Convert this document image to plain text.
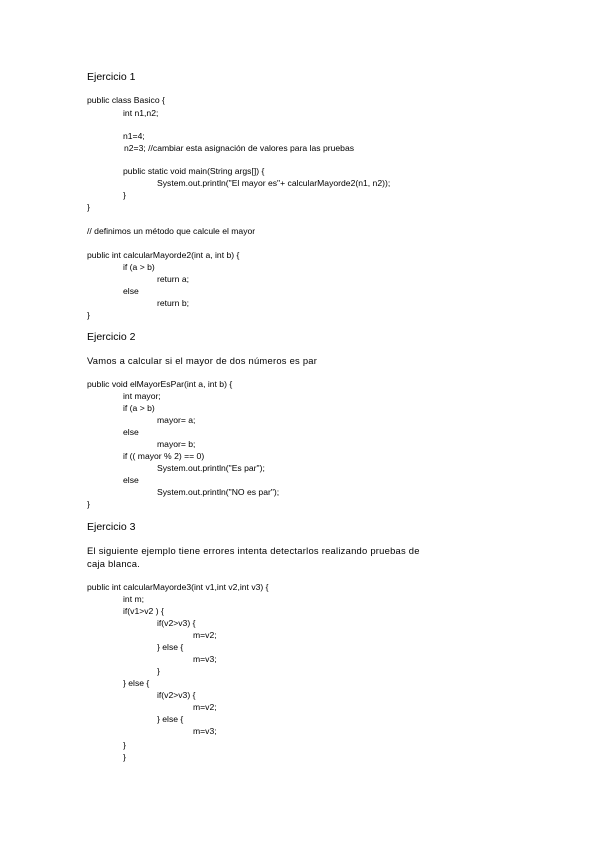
Ejercicio 1

public class Basico {

int n1,n2;

n1=4;

n2=3; //cambiar esta asignación de valores para las pruebas

public static void main(String args[]) {

System.out.println("El mayor es"+ calcularMayorde2(n1, n2));

}

}

// definimos un método que calcule el mayor

public int calcularMayorde2(int a, int b) {

if (a > b)

return a;

else

return b;

}

Ejercicio 2

Vamos a calcular si el mayor de dos números es par

public void elMayorEsPar(int a, int b) {

int mayor;

if (a > b)

mayor= a;

else

mayor= b;

if (( mayor % 2) == 0)

System.out.println("Es par");

else

System.out.println("NO es par");

}

Ejercicio 3

El siguiente ejemplo tiene errores intenta detectarlos realizando pruebas de

caja blanca.

public int calcularMayorde3(int v1,int v2,int v3) {

int m;

if(v1>v2 ) {

if(v2>v3) {

m=v2;

} else {

m=v3;

}

} else {

if(v2>v3) {

m=v2;

} else {

m=v3;

}

}
